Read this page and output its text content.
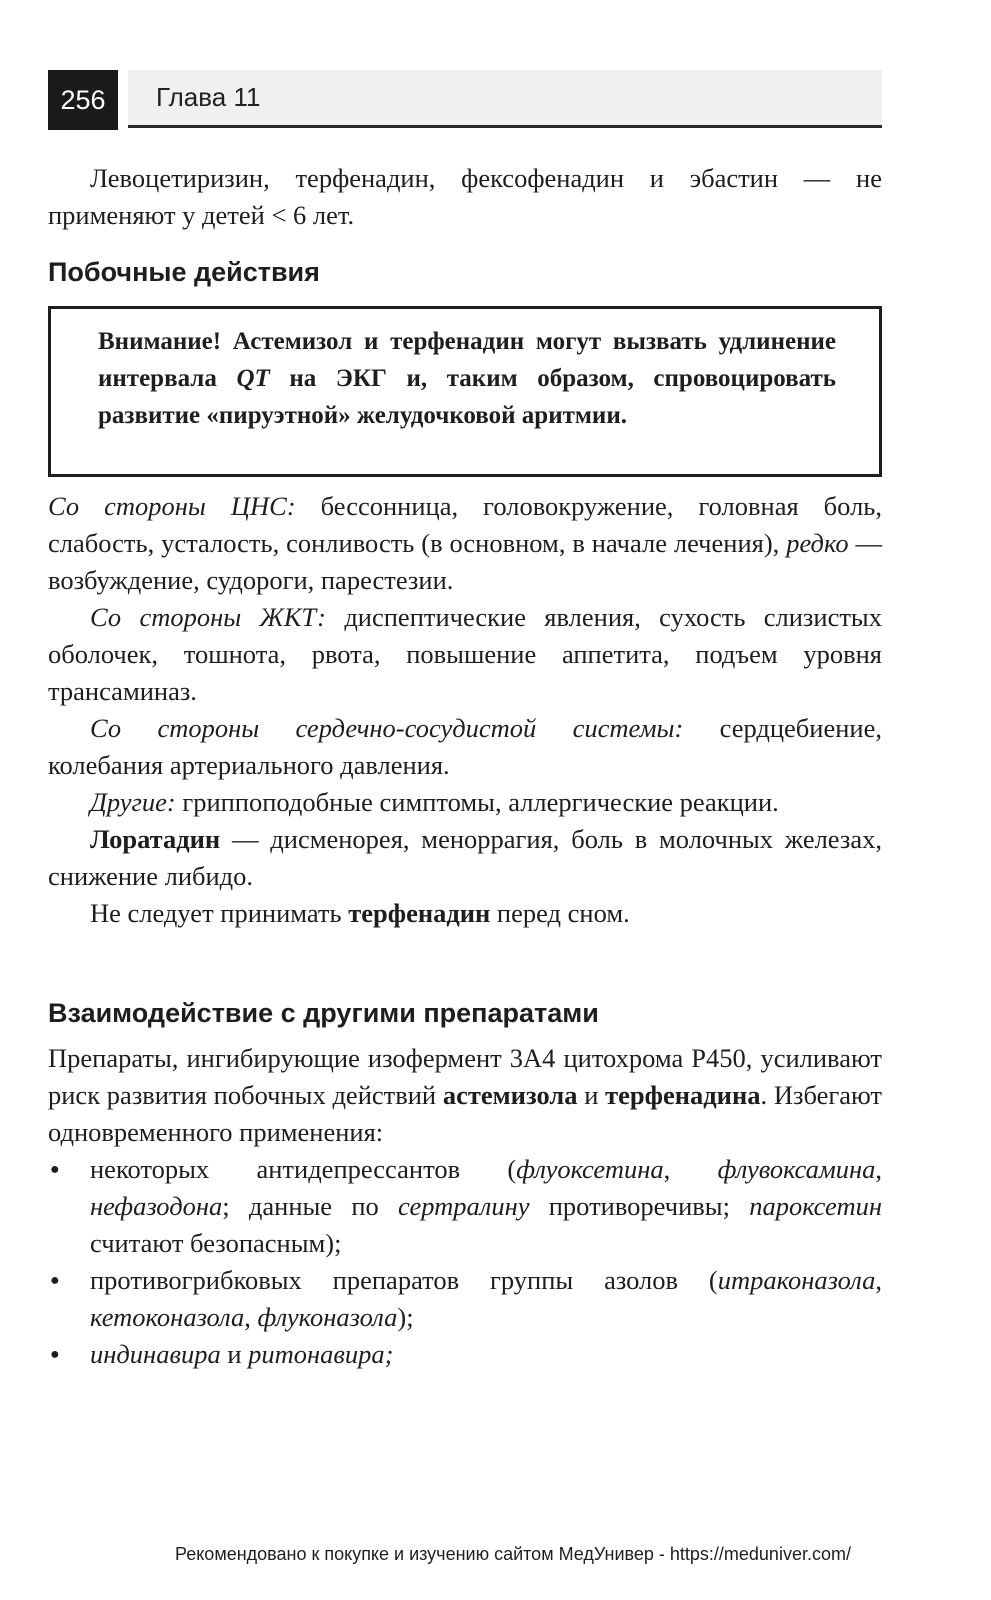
256	Глава 11

Левоцетиризин, терфенадин, фексофенадин и эбастин — не применяют у детей < 6 лет.

Побочные действия

Внимание! Астемизол и терфенадин могут вызвать удлинение интервала QT на ЭКГ и, таким образом, спровоцировать развитие «пируэтной» желудочковой аритмии.

Со стороны ЦНС: бессонница, головокружение, головная боль, слабость, усталость, сонливость (в основном, в начале лечения), редко — возбуждение, судороги, парестезии.

Со стороны ЖКТ: диспептические явления, сухость слизистых оболочек, тошнота, рвота, повышение аппетита, подъем уровня трансаминаз.

Со стороны сердечно-сосудистой системы: сердцебиение, колебания артериального давления.

Другие: гриппоподобные симптомы, аллергические реакции.

Лоратадин — дисменорея, меноррагия, боль в молочных железах, снижение либидо.

Не следует принимать терфенадин перед сном.

Взаимодействие с другими препаратами

Препараты, ингибирующие изофермент 3А4 цитохрома Р450, усиливают риск развития побочных действий астемизола и терфенадина. Избегают одновременного применения:

● некоторых антидепрессантов (флуоксетина, флувоксамина, нефазодона; данные по сертралину противоречивы; пароксетин считают безопасным);
● противогрибковых препаратов группы азолов (итраконазола, кетоконазола, флуконазола);
● индинавира и ритонавира;
Рекомендовано к покупке и изучению сайтом МедУнивер - https://meduniver.com/
